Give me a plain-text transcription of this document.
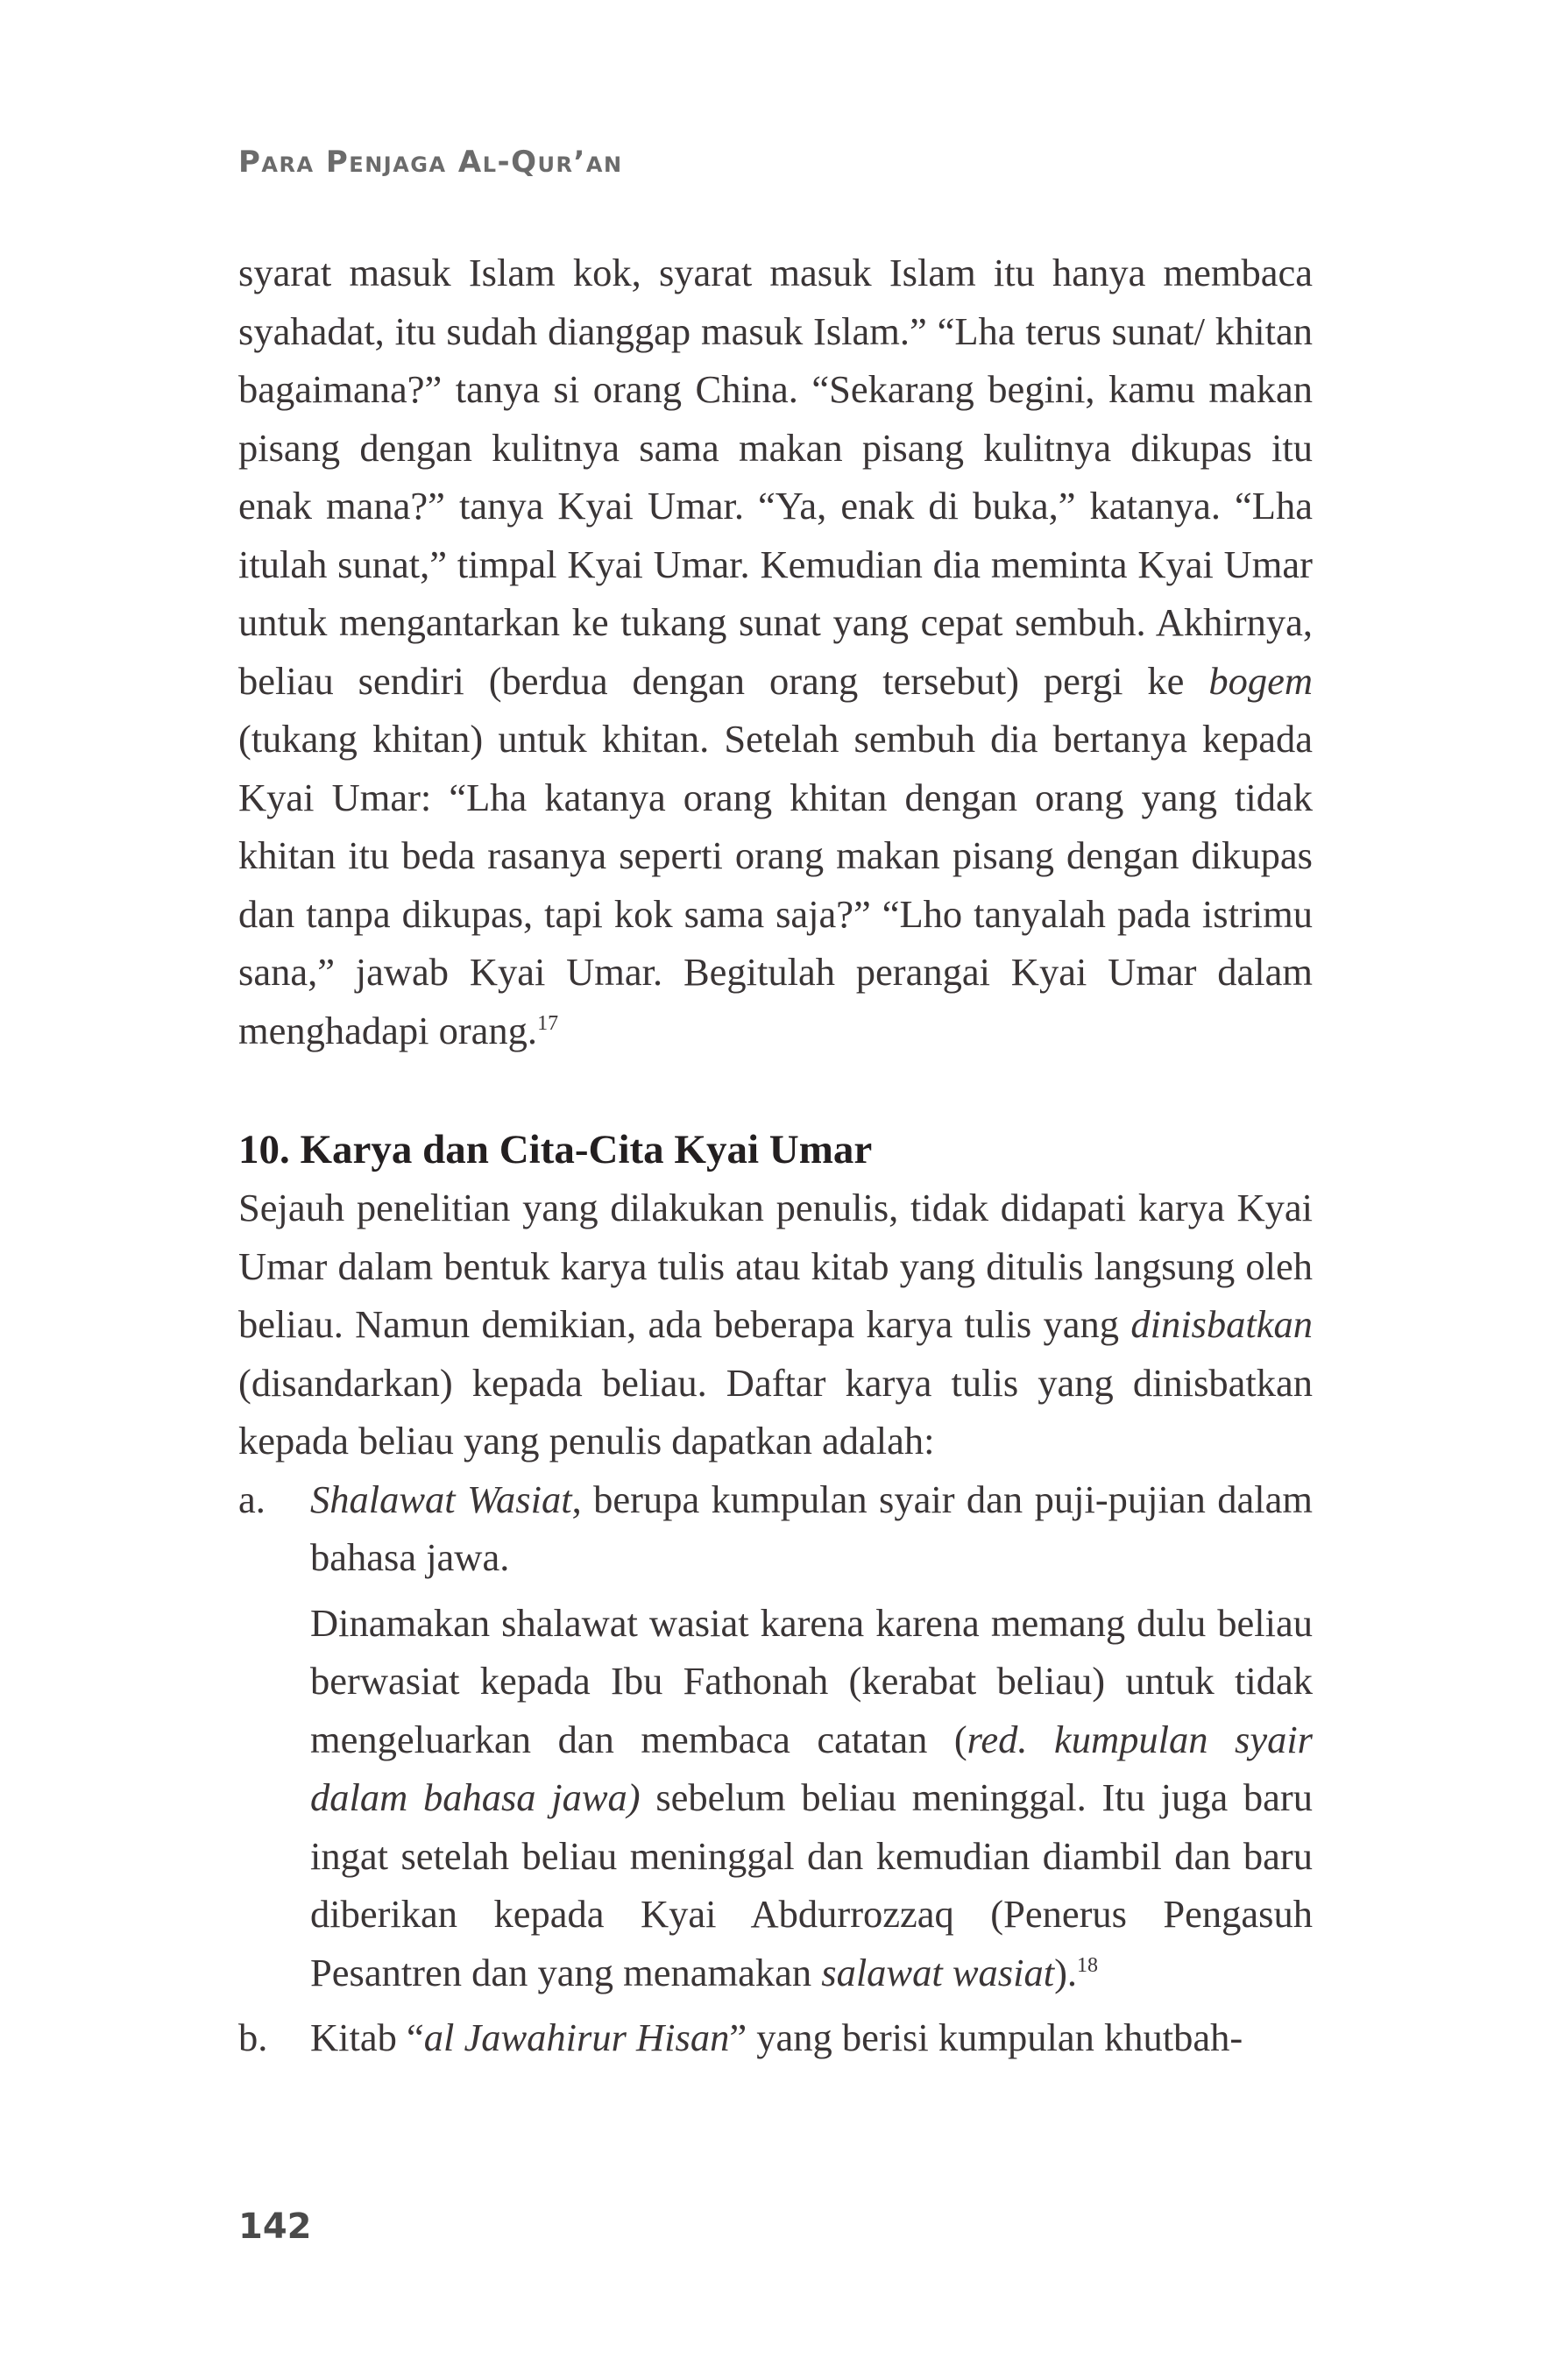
Para Penjaga Al-Qur’an

syarat masuk Islam kok, syarat masuk Islam itu hanya membaca syahadat, itu sudah dianggap masuk Islam.” “Lha terus sunat/ khitan bagaimana?” tanya si orang China. “Sekarang begini, kamu makan pisang dengan kulitnya sama makan pisang kulitnya dikupas itu enak mana?” tanya Kyai Umar. “Ya, enak di buka,” katanya. “Lha itulah sunat,” timpal Kyai Umar. Kemudian dia meminta Kyai Umar untuk mengantarkan ke tukang sunat yang cepat sembuh. Akhirnya, beliau sendiri (berdua dengan orang tersebut) pergi ke bogem (tukang khitan) untuk khitan. Setelah sembuh dia bertanya kepada Kyai Umar: “Lha katanya orang khitan dengan orang yang tidak khitan itu beda rasanya seperti orang makan pisang dengan dikupas dan tanpa dikupas, tapi kok sama saja?” “Lho tanyalah pada istrimu sana,” jawab Kyai Umar. Begitulah perangai Kyai Umar dalam menghadapi orang.$^{17}$

10. Karya dan Cita-Cita Kyai Umar

Sejauh penelitian yang dilakukan penulis, tidak didapati karya Kyai Umar dalam bentuk karya tulis atau kitab yang ditulis langsung oleh beliau. Namun demikian, ada beberapa karya tulis yang dinisbatkan (disandarkan) kepada beliau. Daftar karya tulis yang dinisbatkan kepada beliau yang penulis dapatkan adalah:

a. Shalawat Wasiat, berupa kumpulan syair dan puji-pujian dalam bahasa jawa.

Dinamakan shalawat wasiat karena karena memang dulu beliau berwasiat kepada Ibu Fathonah (kerabat beliau) untuk tidak mengeluarkan dan membaca catatan (red. kumpulan syair dalam bahasa jawa) sebelum beliau meninggal. Itu juga baru ingat setelah beliau meninggal dan kemudian diambil dan baru diberikan kepada Kyai Abdurrozzaq (Penerus Pengasuh Pesantren dan yang menamakan salawat wasiat).$^{18}$

b. Kitab “al Jawahirur Hisan” yang berisi kumpulan khutbah-

142
